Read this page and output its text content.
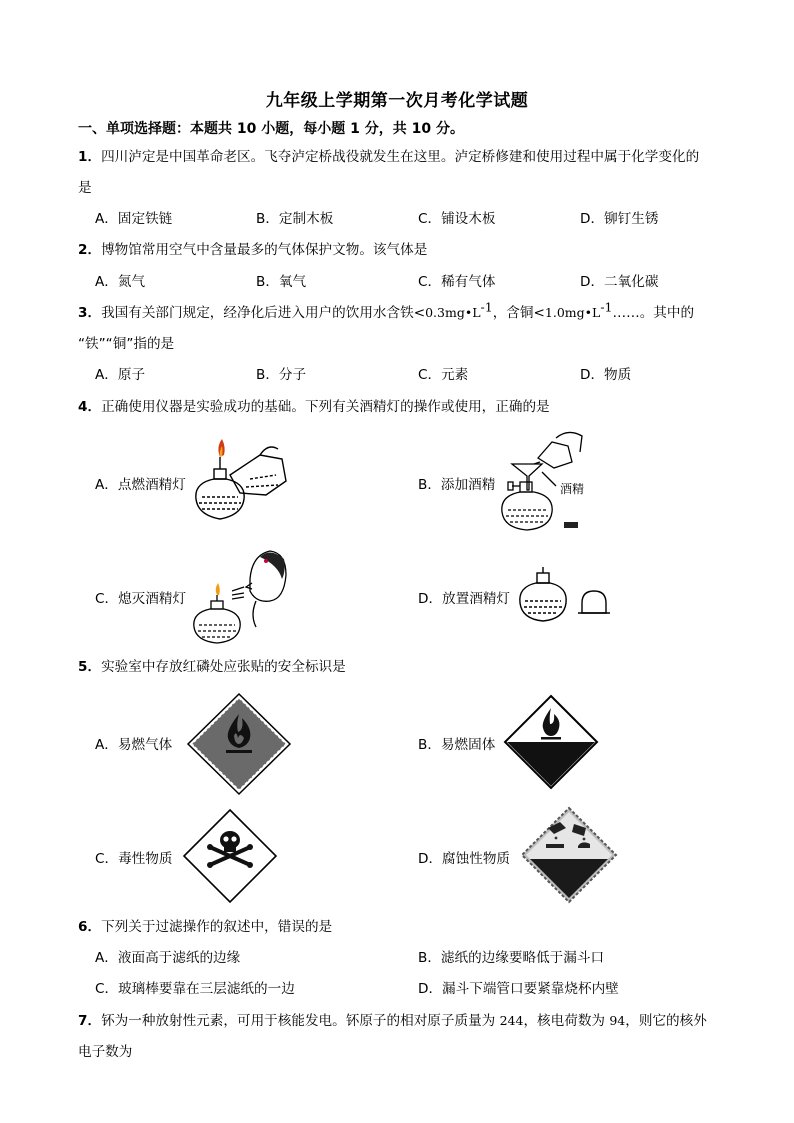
九年级上学期第一次月考化学试题
一、单项选择题：本题共 10 小题，每小题 1 分，共 10 分。
1．四川泸定是中国革命老区。飞夺泸定桥战役就发生在这里。泸定桥修建和使用过程中属于化学变化的
是
A．固定铁链	B．定制木板	C．铺设木板	D．铆钉生锈
2．博物馆常用空气中含量最多的气体保护文物。该气体是
A．氮气	B．氧气	C．稀有气体	D．二氧化碳
3．我国有关部门规定，经净化后进入用户的饮用水含铁$<0.3mg•L^{-1}$，含铜$<1.0mg•L^{-1}\dots\dots$。其中的
“铁”“铜”指的是
A．原子	B．分子	C．元素	D．物质
4．正确使用仪器是实验成功的基础。下列有关酒精灯的操作或使用，正确的是
A．点燃酒精灯	B．添加酒精
C．熄灭酒精灯	D．放置酒精灯
酒精
5．实验室中存放红磷处应张贴的安全标识是
A．易燃气体	B．易燃固体
C．毒性物质	D．腐蚀性物质
6．下列关于过滤操作的叙述中，错误的是
A．液面高于滤纸的边缘	B．滤纸的边缘要略低于漏斗口
C．玻璃棒要靠在三层滤纸的一边	D．漏斗下端管口要紧靠烧杯内壁
7．钚为一种放射性元素，可用于核能发电。钚原子的相对原子质量为 244，核电荷数为 94，则它的核外
电子数为
